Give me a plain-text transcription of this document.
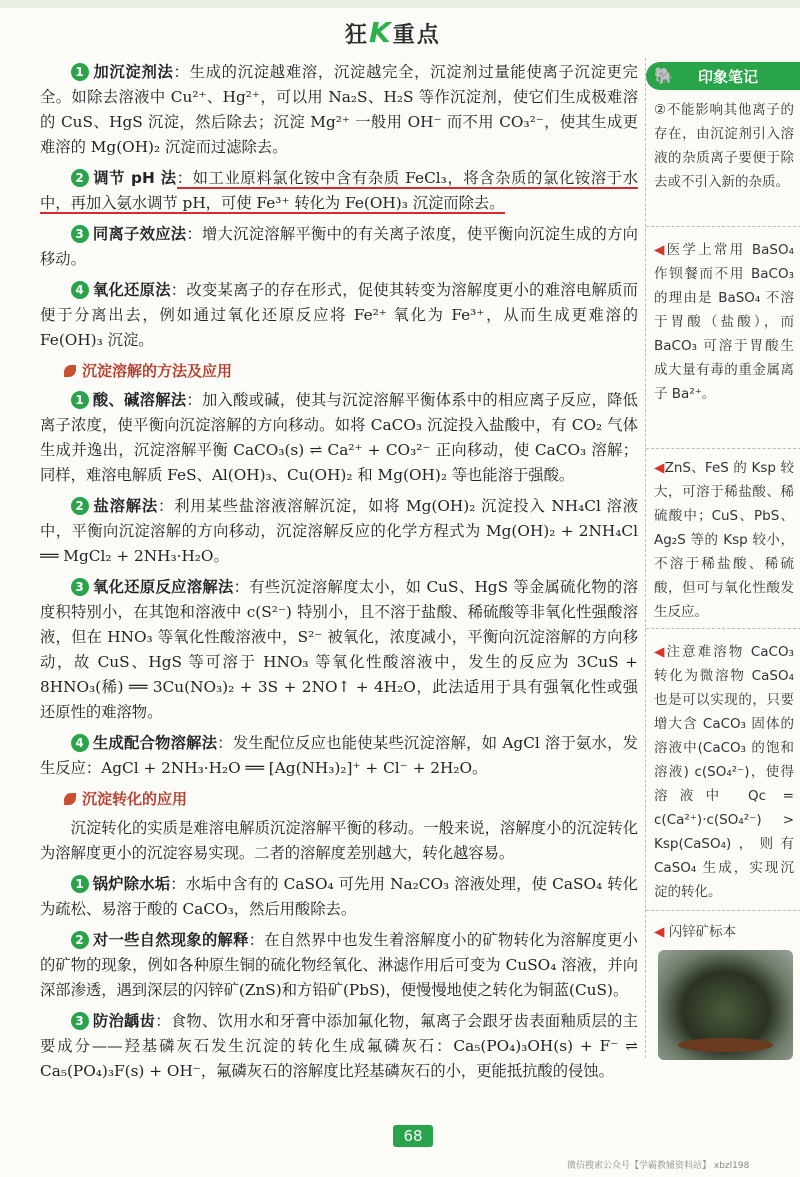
狂K重点

1 加沉淀剂法：生成的沉淀越难溶，沉淀越完全，沉淀剂过量能使离子沉淀更完全。如除去溶液中 Cu²⁺、Hg²⁺，可以用 Na₂S、H₂S 等作沉淀剂，使它们生成极难溶的 CuS、HgS 沉淀，然后除去；沉淀 Mg²⁺ 一般用 OH⁻ 而不用 CO₃²⁻，使其生成更难溶的 Mg(OH)₂ 沉淀而过滤除去。

2 调节 pH 法：如工业原料氯化铵中含有杂质 FeCl₃，将含杂质的氯化铵溶于水中，再加入氨水调节 pH，可使 Fe³⁺ 转化为 Fe(OH)₃ 沉淀而除去。

3 同离子效应法：增大沉淀溶解平衡中的有关离子浓度，使平衡向沉淀生成的方向移动。

4 氧化还原法：改变某离子的存在形式，促使其转变为溶解度更小的难溶电解质而便于分离出去，例如通过氧化还原反应将 Fe²⁺ 氧化为 Fe³⁺，从而生成更难溶的 Fe(OH)₃ 沉淀。

沉淀溶解的方法及应用

1 酸、碱溶解法：加入酸或碱，使其与沉淀溶解平衡体系中的相应离子反应，降低离子浓度，使平衡向沉淀溶解的方向移动。如将 CaCO₃ 沉淀投入盐酸中，有 CO₂ 气体生成并逸出，沉淀溶解平衡 CaCO₃(s) ⇌ Ca²⁺ + CO₃²⁻ 正向移动，使 CaCO₃ 溶解；同样，难溶电解质 FeS、Al(OH)₃、Cu(OH)₂ 和 Mg(OH)₂ 等也能溶于强酸。

2 盐溶解法：利用某些盐溶液溶解沉淀，如将 Mg(OH)₂ 沉淀投入 NH₄Cl 溶液中，平衡向沉淀溶解的方向移动，沉淀溶解反应的化学方程式为 Mg(OH)₂ + 2NH₄Cl ══ MgCl₂ + 2NH₃·H₂O。

3 氧化还原反应溶解法：有些沉淀溶解度太小，如 CuS、HgS 等金属硫化物的溶度积特别小，在其饱和溶液中 c(S²⁻) 特别小，且不溶于盐酸、稀硫酸等非氧化性强酸溶液，但在 HNO₃ 等氧化性酸溶液中，S²⁻ 被氧化，浓度减小，平衡向沉淀溶解的方向移动，故 CuS、HgS 等可溶于 HNO₃ 等氧化性酸溶液中，发生的反应为 3CuS + 8HNO₃(稀) ══ 3Cu(NO₃)₂ + 3S + 2NO↑ + 4H₂O，此法适用于具有强氧化性或强还原性的难溶物。

4 生成配合物溶解法：发生配位反应也能使某些沉淀溶解，如 AgCl 溶于氨水，发生反应：AgCl + 2NH₃·H₂O ══ [Ag(NH₃)₂]⁺ + Cl⁻ + 2H₂O。

沉淀转化的应用

沉淀转化的实质是难溶电解质沉淀溶解平衡的移动。一般来说，溶解度小的沉淀转化为溶解度更小的沉淀容易实现。二者的溶解度差别越大，转化越容易。

1 锅炉除水垢：水垢中含有的 CaSO₄ 可先用 Na₂CO₃ 溶液处理，使 CaSO₄ 转化为疏松、易溶于酸的 CaCO₃，然后用酸除去。

2 对一些自然现象的解释：在自然界中也发生着溶解度小的矿物转化为溶解度更小的矿物的现象，例如各种原生铜的硫化物经氧化、淋滤作用后可变为 CuSO₄ 溶液，并向深部渗透，遇到深层的闪锌矿(ZnS)和方铅矿(PbS)，便慢慢地使之转化为铜蓝(CuS)。

3 防治龋齿：食物、饮用水和牙膏中添加氟化物，氟离子会跟牙齿表面釉质层的主要成分——羟基磷灰石发生沉淀的转化生成氟磷灰石：Ca₅(PO₄)₃OH(s) + F⁻ ⇌ Ca₅(PO₄)₃F(s) + OH⁻，氟磷灰石的溶解度比羟基磷灰石的小，更能抵抗酸的侵蚀。

🐘 印象笔记
②不能影响其他离子的存在，由沉淀剂引入溶液的杂质离子要便于除去或不引入新的杂质。
◀医学上常用 BaSO₄ 作钡餐而不用 BaCO₃ 的理由是 BaSO₄ 不溶于胃酸（盐酸），而 BaCO₃ 可溶于胃酸生成大量有毒的重金属离子 Ba²⁺。
◀ZnS、FeS 的 Ksp 较大，可溶于稀盐酸、稀硫酸中；CuS、PbS、Ag₂S 等的 Ksp 较小，不溶于稀盐酸、稀硫酸，但可与氧化性酸发生反应。
◀注意难溶物 CaCO₃ 转化为微溶物 CaSO₄ 也是可以实现的，只要增大含 CaCO₃ 固体的溶液中(CaCO₃ 的饱和溶液) c(SO₄²⁻)，使得溶液中 Qc = c(Ca²⁺)·c(SO₄²⁻) > Ksp(CaSO₄)，则有 CaSO₄ 生成，实现沉淀的转化。
◀ 闪锌矿标本
68
微信搜索公众号【学霸教辅资料站】 xbzl198
